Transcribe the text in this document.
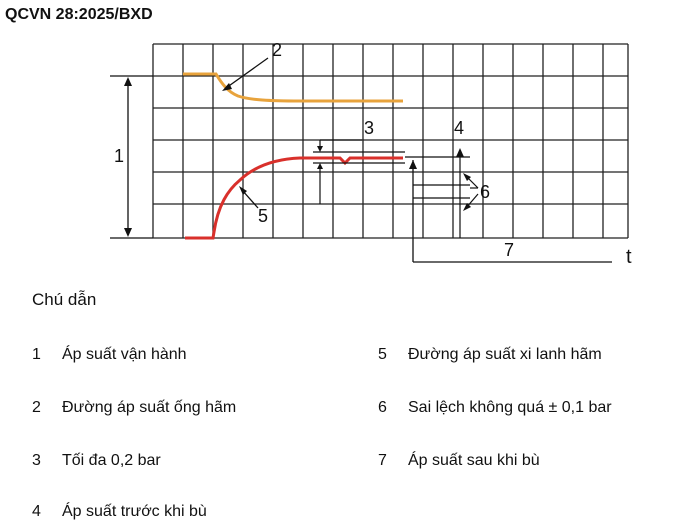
QCVN 28:2025/BXD
1
2
3	4
5
6
7	t
Chú dẫn
1 Áp suất vận hành
2 Đường áp suất ống hãm
3 Tối đa 0,2 bar
4 Áp suất trước khi bù
5 Đường áp suất xi lanh hãm
6 Sai lệch không quá ± 0,1 bar
7 Áp suất sau khi bù
